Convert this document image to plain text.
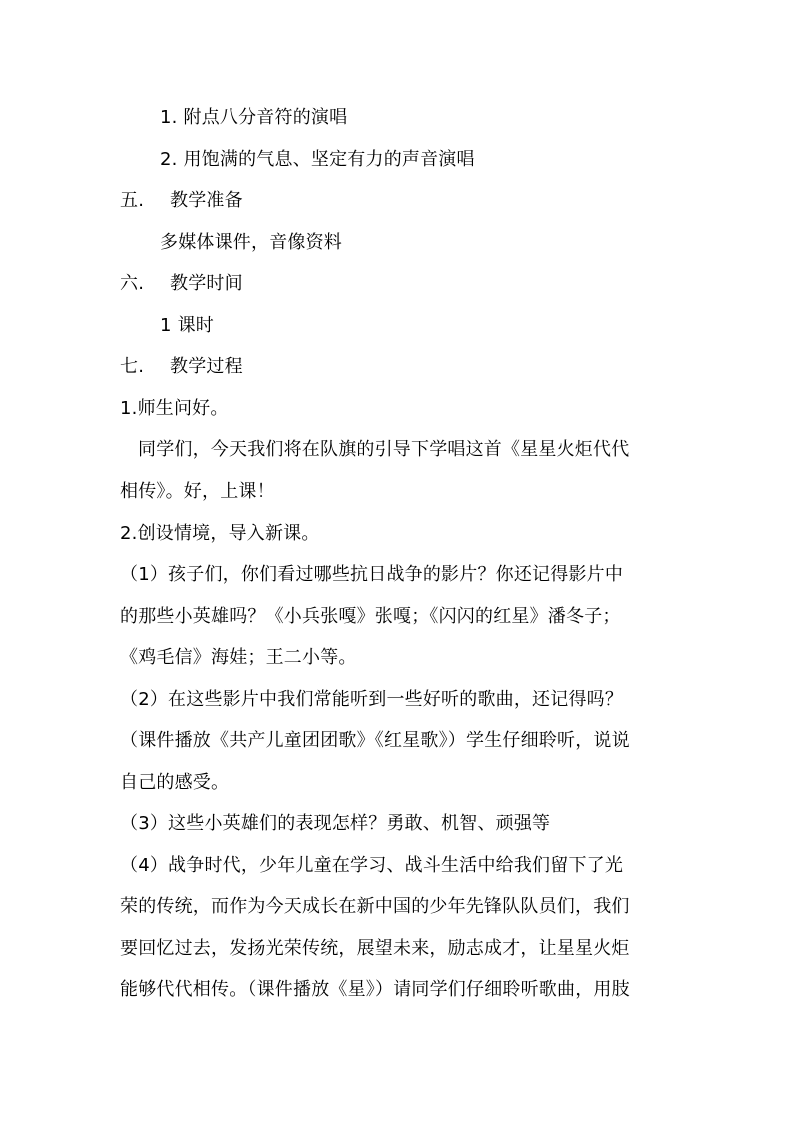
1. 附点八分音符的演唱
2. 用饱满的气息、坚定有力的声音演唱
五. 教学准备
多媒体课件，音像资料
六. 教学时间
1 课时
七. 教学过程
1.师生问好。
同学们，今天我们将在队旗的引导下学唱这首《星星火炬代代
相传》。好，上课！
2.创设情境，导入新课。
（1）孩子们，你们看过哪些抗日战争的影片？你还记得影片中
的那些小英雄吗？《小兵张嘎》张嘎；《闪闪的红星》潘冬子；
《鸡毛信》海娃；王二小等。
（2）在这些影片中我们常能听到一些好听的歌曲，还记得吗？
（课件播放《共产儿童团团歌》《红星歌》）学生仔细聆听，说说
自己的感受。
（3）这些小英雄们的表现怎样？勇敢、机智、顽强等
（4）战争时代，少年儿童在学习、战斗生活中给我们留下了光
荣的传统，而作为今天成长在新中国的少年先锋队队员们，我们
要回忆过去，发扬光荣传统，展望未来，励志成才，让星星火炬
能够代代相传。（课件播放《星》）请同学们仔细聆听歌曲，用肢
